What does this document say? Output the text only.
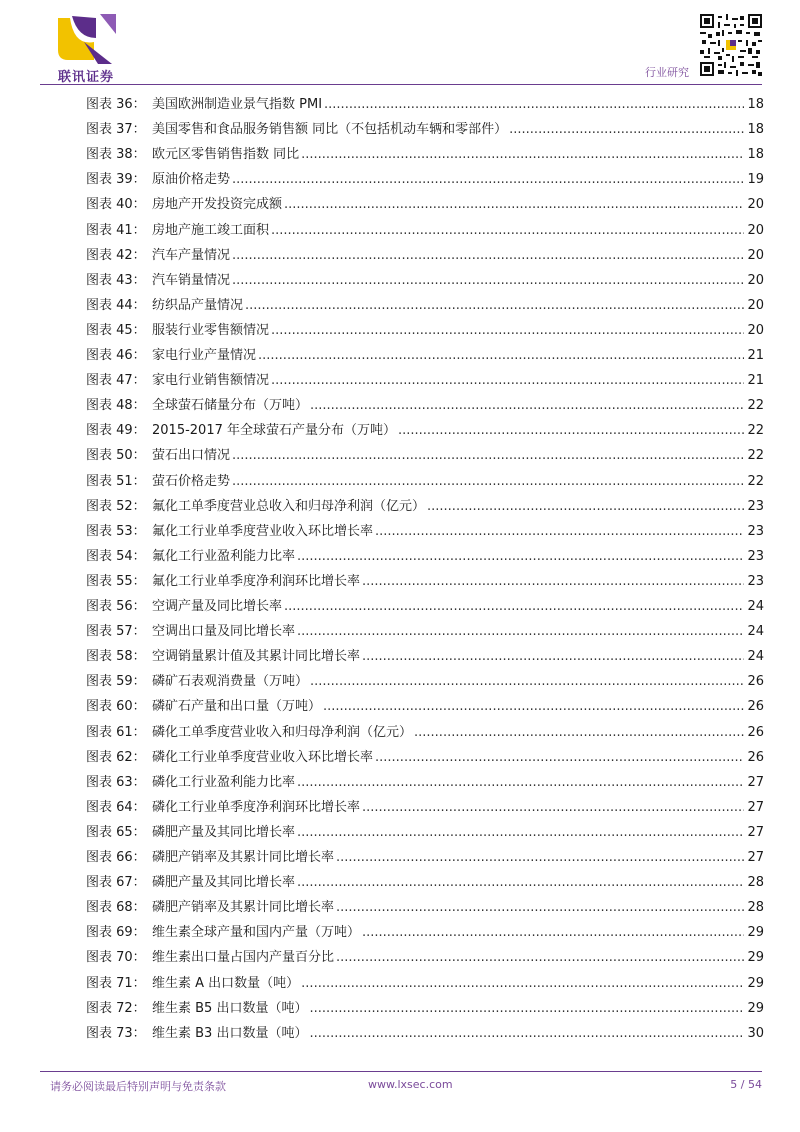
联讯证券	行业研究
图表 36： 美国欧洲制造业景气指数 PMI .....	18
图表 37： 美国零售和食品服务销售额 同比（不包括机动车辆和零部件） .....	18
图表 38： 欧元区零售销售指数 同比 .....	18
图表 39： 原油价格走势 .....	19
图表 40： 房地产开发投资完成额 .....	20
图表 41： 房地产施工竣工面积 .....	20
图表 42： 汽车产量情况 .....	20
图表 43： 汽车销量情况 .....	20
图表 44： 纺织品产量情况 .....	20
图表 45： 服装行业零售额情况 .....	20
图表 46： 家电行业产量情况 .....	21
图表 47： 家电行业销售额情况 .....	21
图表 48： 全球萤石储量分布（万吨） .....	22
图表 49： 2015-2017 年全球萤石产量分布（万吨） .....	22
图表 50： 萤石出口情况 .....	22
图表 51： 萤石价格走势 .....	22
图表 52： 氟化工单季度营业总收入和归母净利润（亿元） .....	23
图表 53： 氟化工行业单季度营业收入环比增长率 .....	23
图表 54： 氟化工行业盈利能力比率 .....	23
图表 55： 氟化工行业单季度净利润环比增长率 .....	23
图表 56： 空调产量及同比增长率 .....	24
图表 57： 空调出口量及同比增长率 .....	24
图表 58： 空调销量累计值及其累计同比增长率 .....	24
图表 59： 磷矿石表观消费量（万吨） .....	26
图表 60： 磷矿石产量和出口量（万吨） .....	26
图表 61： 磷化工单季度营业收入和归母净利润（亿元） .....	26
图表 62： 磷化工行业单季度营业收入环比增长率 .....	26
图表 63： 磷化工行业盈利能力比率 .....	27
图表 64： 磷化工行业单季度净利润环比增长率 .....	27
图表 65： 磷肥产量及其同比增长率 .....	27
图表 66： 磷肥产销率及其累计同比增长率 .....	27
图表 67： 磷肥产量及其同比增长率 .....	28
图表 68： 磷肥产销率及其累计同比增长率 .....	28
图表 69： 维生素全球产量和国内产量（万吨） .....	29
图表 70： 维生素出口量占国内产量百分比 .....	29
图表 71： 维生素 A 出口数量（吨） .....	29
图表 72： 维生素 B5 出口数量（吨） .....	29
图表 73： 维生素 B3 出口数量（吨） .....	30
请务必阅读最后特别声明与免责条款	www.lxsec.com	5 / 54
